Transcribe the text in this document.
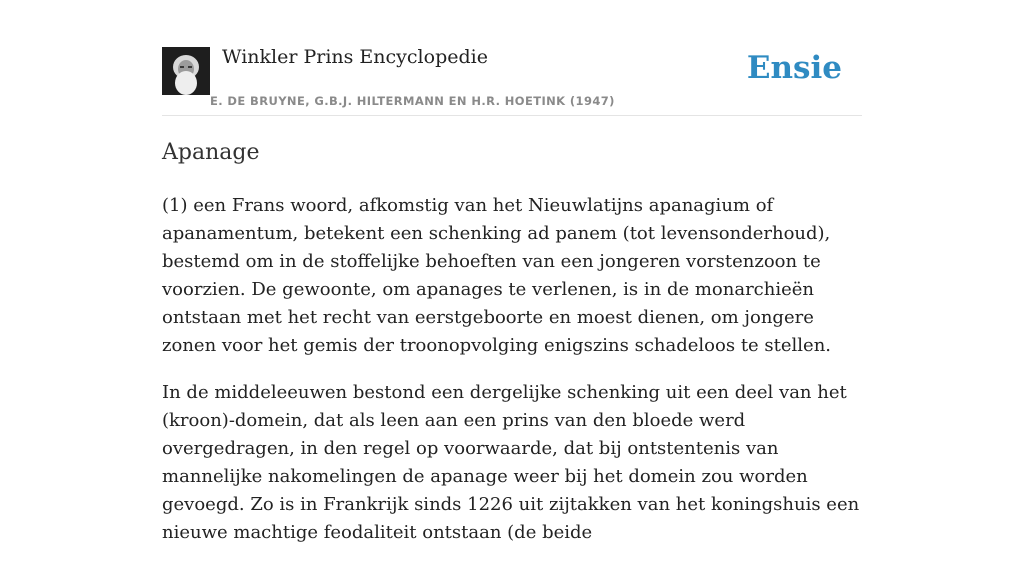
Winkler Prins Encyclopedie
E. DE BRUYNE, G.B.J. HILTERMANN EN H.R. HOETINK (1947)
Ensie
Apanage

(1) een Frans woord, afkomstig van het Nieuwlatijns apanagium of apanamentum, betekent een schenking ad panem (tot levensonderhoud), bestemd om in de stoffelijke behoeften van een jongeren vorstenzoon te voorzien. De gewoonte, om apanages te verlenen, is in de monarchieën ontstaan met het recht van eerstgeboorte en moest dienen, om jongere zonen voor het gemis der troonopvolging enigszins schadeloos te stellen.

In de middeleeuwen bestond een dergelijke schenking uit een deel van het (kroon)-domein, dat als leen aan een prins van den bloede werd overgedragen, in den regel op voorwaarde, dat bij ontstentenis van mannelijke nakomelingen de apanage weer bij het domein zou worden gevoegd. Zo is in Frankrijk sinds 1226 uit zijtakken van het koningshuis een nieuwe machtige feodaliteit ontstaan (de beide
